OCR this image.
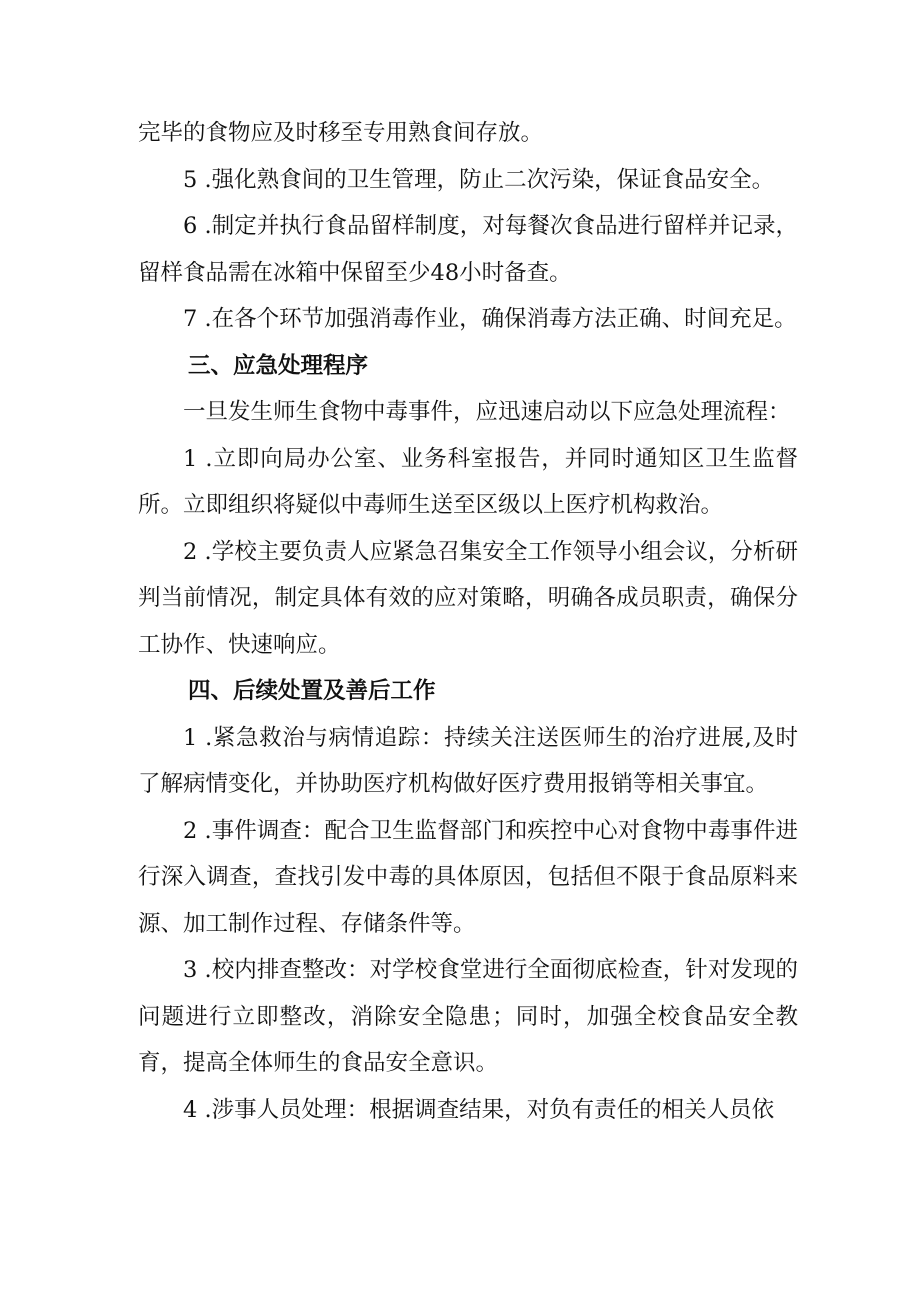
完毕的食物应及时移至专用熟食间存放。

5 .强化熟食间的卫生管理，防止二次污染，保证食品安全。

6 .制定并执行食品留样制度，对每餐次食品进行留样并记录，留样食品需在冰箱中保留至少48小时备查。

7 .在各个环节加强消毒作业，确保消毒方法正确、时间充足。

三、应急处理程序

一旦发生师生食物中毒事件，应迅速启动以下应急处理流程：

1 .立即向局办公室、业务科室报告，并同时通知区卫生监督所。立即组织将疑似中毒师生送至区级以上医疗机构救治。

2 .学校主要负责人应紧急召集安全工作领导小组会议，分析研判当前情况，制定具体有效的应对策略，明确各成员职责，确保分工协作、快速响应。

四、后续处置及善后工作

1 .紧急救治与病情追踪：持续关注送医师生的治疗进展,及时了解病情变化，并协助医疗机构做好医疗费用报销等相关事宜。

2 .事件调查：配合卫生监督部门和疾控中心对食物中毒事件进行深入调查，查找引发中毒的具体原因，包括但不限于食品原料来源、加工制作过程、存储条件等。

3 .校内排查整改：对学校食堂进行全面彻底检查，针对发现的问题进行立即整改，消除安全隐患；同时，加强全校食品安全教育，提高全体师生的食品安全意识。

4 .涉事人员处理：根据调查结果，对负有责任的相关人员依
